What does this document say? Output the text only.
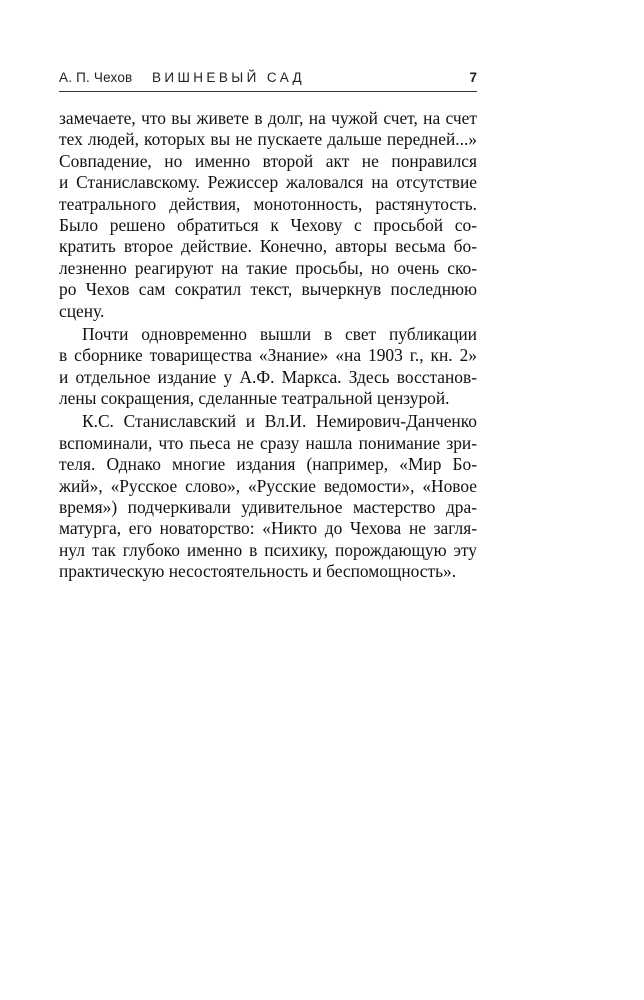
А. П. Чехов ВИШНЕВЫЙ САД	7
замечаете, что вы живете в долг, на чужой счет, на счет
тех людей, которых вы не пускаете дальше передней...»
Совпадение, но именно второй акт не понравился
и Станиславскому. Режиссер жаловался на отсутствие
театрального действия, монотонность, растянутость.
Было решено обратиться к Чехову с просьбой со-
кратить второе действие. Конечно, авторы весьма бо-
лезненно реагируют на такие просьбы, но очень ско-
ро Чехов сам сократил текст, вычеркнув последнюю
сцену.
Почти одновременно вышли в свет публикации
в сборнике товарищества «Знание» «на 1903 г., кн. 2»
и отдельное издание у А.Ф. Маркса. Здесь восстанов-
лены сокращения, сделанные театральной цензурой.
К.С. Станиславский и Вл.И. Немирович-Данченко
вспоминали, что пьеса не сразу нашла понимание зри-
теля. Однако многие издания (например, «Мир Бо-
жий», «Русское слово», «Русские ведомости», «Новое
время») подчеркивали удивительное мастерство дра-
матурга, его новаторство: «Никто до Чехова не загля-
нул так глубоко именно в психику, порождающую эту
практическую несостоятельность и беспомощность».
